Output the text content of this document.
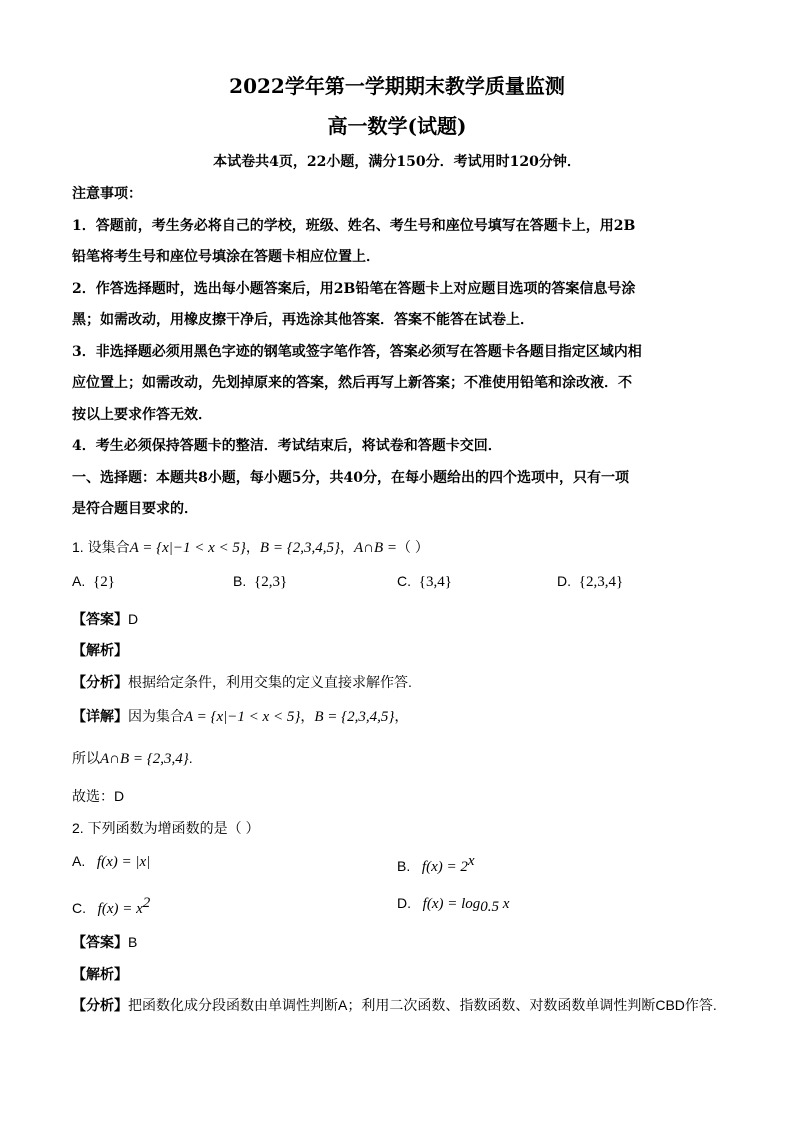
2022学年第一学期期末教学质量监测
高一数学(试题)
本试卷共4页，22小题，满分150分．考试用时120分钟．
注意事项：
1．答题前，考生务必将自己的学校，班级、姓名、考生号和座位号填写在答题卡上，用2B
铅笔将考生号和座位号填涂在答题卡相应位置上．
2．作答选择题时，选出每小题答案后，用2B铅笔在答题卡上对应题目选项的答案信息号涂
黑；如需改动，用橡皮擦干净后，再选涂其他答案．答案不能答在试卷上．
3．非选择题必须用黑色字迹的钢笔或签字笔作答，答案必须写在答题卡各题目指定区域内相
应位置上；如需改动，先划掉原来的答案，然后再写上新答案；不准使用铅笔和涂改液．不
按以上要求作答无效．
4．考生必须保持答题卡的整洁．考试结束后，将试卷和答题卡交回．
一、选择题：本题共8小题，每小题5分，共40分，在每小题给出的四个选项中，只有一项
是符合题目要求的．
1. 设集合A = {x|−1 < x < 5}，B = {2,3,4,5}，A∩B =（ ）
A. {2}	B. {2,3}	C. {3,4}	D. {2,3,4}
【答案】D
【解析】
【分析】根据给定条件，利用交集的定义直接求解作答.
【详解】因为集合A = {x|−1 < x < 5}，B = {2,3,4,5}，
所以A∩B = {2,3,4}.
故选：D
2. 下列函数为增函数的是（ ）
A. f(x) = |x|	B. $f(x) = 2^x$
C. $f(x) = x^2$	D. $f(x) = \log_{0.5} x$
【答案】B
【解析】
【分析】把函数化成分段函数由单调性判断A；利用二次函数、指数函数、对数函数单调性判断CBD作答.
